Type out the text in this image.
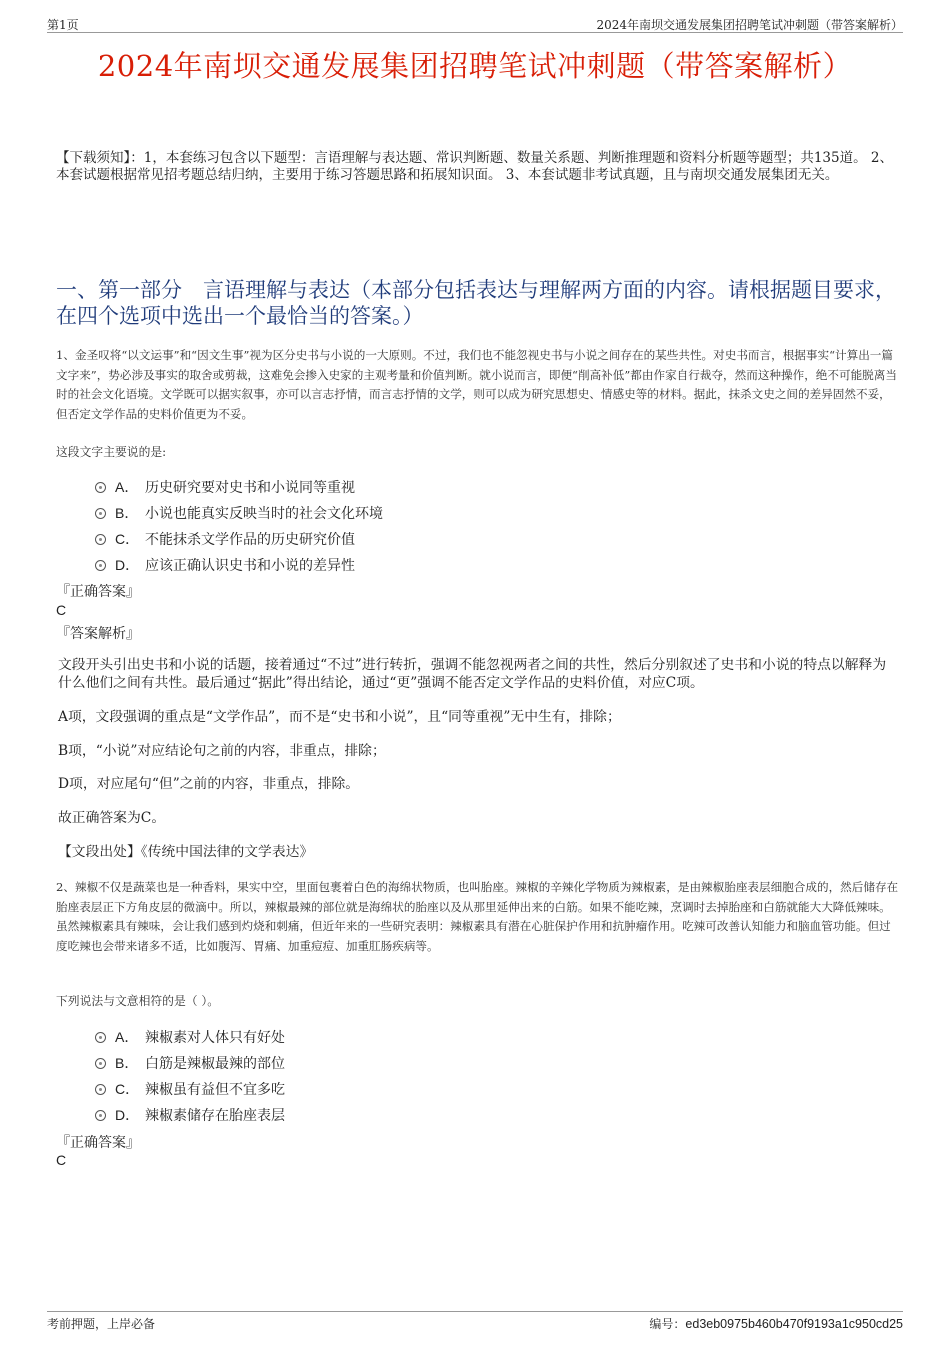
第1页	2024年南坝交通发展集团招聘笔试冲刺题（带答案解析）
2024年南坝交通发展集团招聘笔试冲刺题（带答案解析）
【下载须知】：1，本套练习包含以下题型：言语理解与表达题、常识判断题、数量关系题、判断推理题和资料分析题等题型；共135道。 2、本套试题根据常见招考题总结归纳，主要用于练习答题思路和拓展知识面。 3、本套试题非考试真题，且与南坝交通发展集团无关。
一、第一部分　言语理解与表达（本部分包括表达与理解两方面的内容。请根据题目要求，在四个选项中选出一个最恰当的答案。）
1、金圣叹将“以文运事”和“因文生事”视为区分史书与小说的一大原则。不过，我们也不能忽视史书与小说之间存在的某些共性。对史书而言，根据事实“计算出一篇文字来”，势必涉及事实的取舍或剪裁，这难免会掺入史家的主观考量和价值判断。就小说而言，即便“削高补低”都由作家自行裁夺，然而这种操作，绝不可能脱离当时的社会文化语境。文学既可以据实叙事，亦可以言志抒情，而言志抒情的文学，则可以成为研究思想史、情感史等的材料。据此，抹杀文史之间的差异固然不妥，但否定文学作品的史料价值更为不妥。
这段文字主要说的是:
A． 历史研究要对史书和小说同等重视
B． 小说也能真实反映当时的社会文化环境
C． 不能抹杀文学作品的历史研究价值
D． 应该正确认识史书和小说的差异性
『正确答案』
C
『答案解析』
文段开头引出史书和小说的话题，接着通过“不过”进行转折，强调不能忽视两者之间的共性，然后分别叙述了史书和小说的特点以解释为什么他们之间有共性。最后通过“据此”得出结论，通过“更”强调不能否定文学作品的史料价值，对应C项。
A项，文段强调的重点是“文学作品”，而不是“史书和小说”，且“同等重视”无中生有，排除；
B项，“小说”对应结论句之前的内容，非重点，排除；
D项，对应尾句“但”之前的内容，非重点，排除。
故正确答案为C。
【文段出处】《传统中国法律的文学表达》
2、辣椒不仅是蔬菜也是一种香料，果实中空，里面包裹着白色的海绵状物质，也叫胎座。辣椒的辛辣化学物质为辣椒素，是由辣椒胎座表层细胞合成的，然后储存在胎座表层正下方角皮层的微滴中。所以，辣椒最辣的部位就是海绵状的胎座以及从那里延伸出来的白筋。如果不能吃辣，烹调时去掉胎座和白筋就能大大降低辣味。虽然辣椒素具有辣味，会让我们感到灼烧和刺痛，但近年来的一些研究表明：辣椒素具有潜在心脏保护作用和抗肿瘤作用。吃辣可改善认知能力和脑血管功能。但过度吃辣也会带来诸多不适，比如腹泻、胃痛、加重痘痘、加重肛肠疾病等。
下列说法与文意相符的是（ ）。
A． 辣椒素对人体只有好处
B． 白筋是辣椒最辣的部位
C． 辣椒虽有益但不宜多吃
D． 辣椒素储存在胎座表层
『正确答案』
C
考前押题，上岸必备	编号：ed3eb0975b460b470f9193a1c950cd25
